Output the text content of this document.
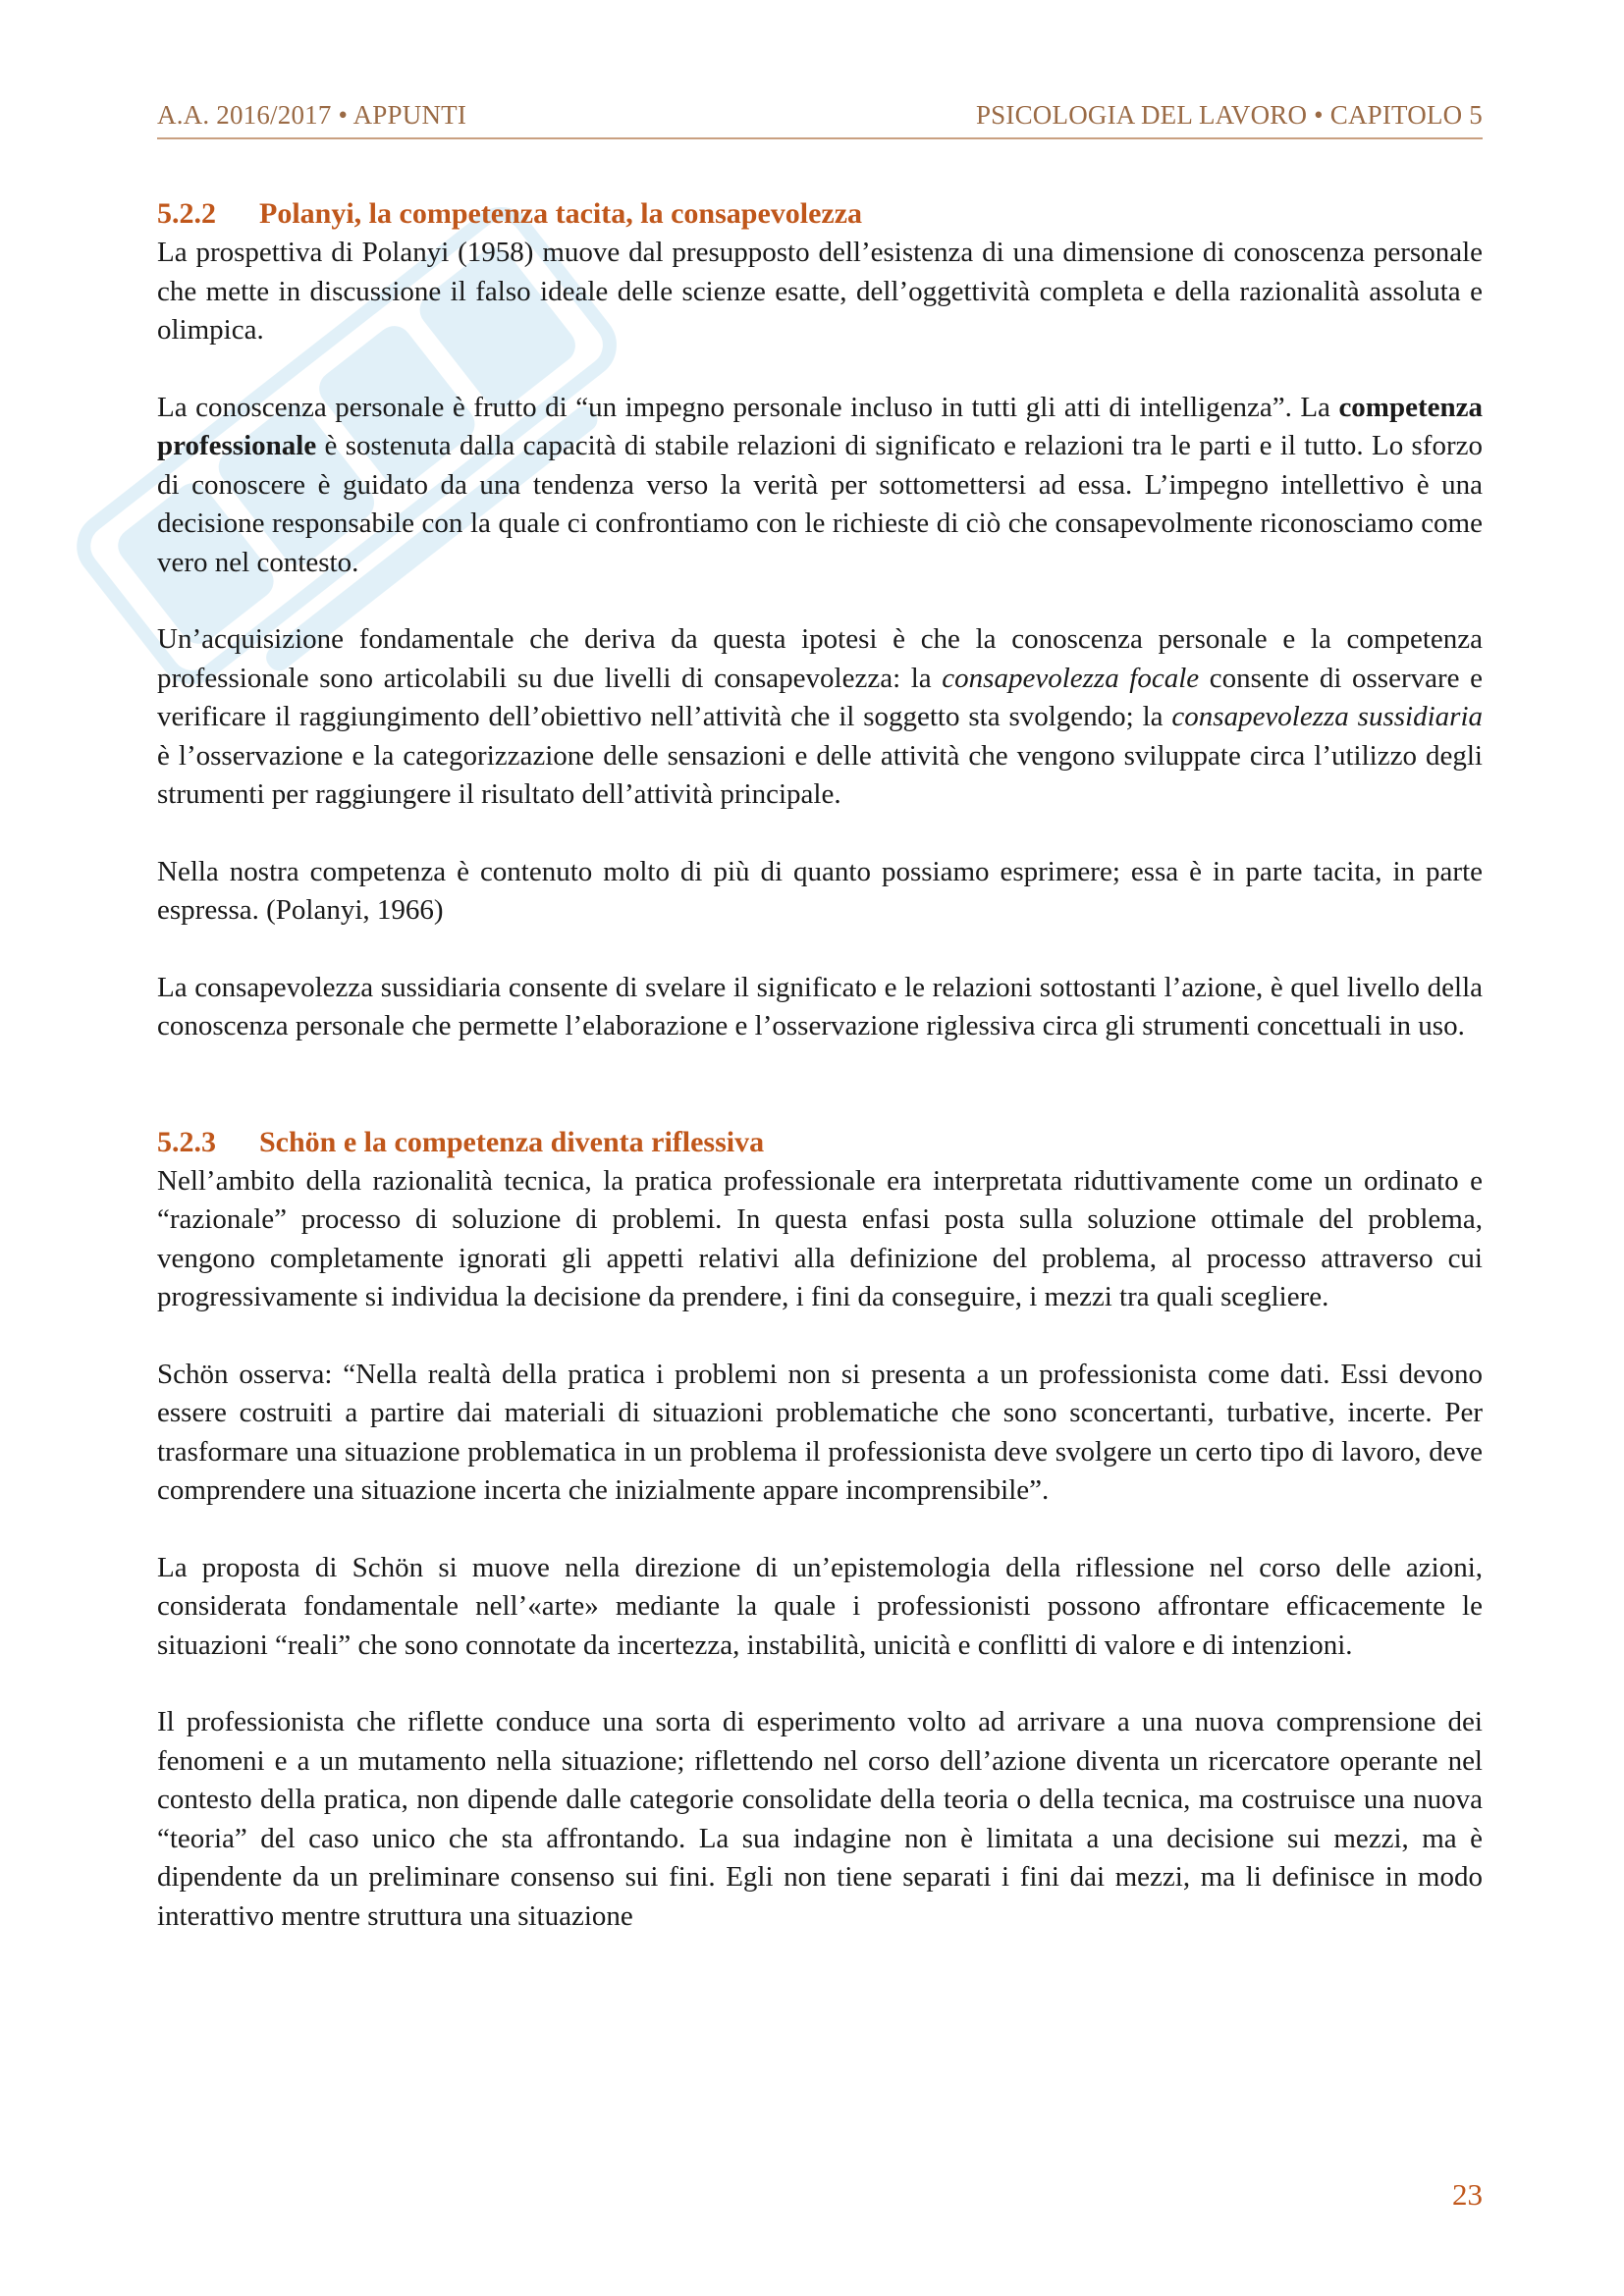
A.A. 2016/2017 • APPUNTI	PSICOLOGIA DEL LAVORO • CAPITOLO 5
5.2.2 Polanyi, la competenza tacita, la consapevolezza

La prospettiva di Polanyi (1958) muove dal presupposto dell’esistenza di una dimensione di conoscenza personale che mette in discussione il falso ideale delle scienze esatte, dell’oggettività completa e della razionalità assoluta e olimpica.

La conoscenza personale è frutto di “un impegno personale incluso in tutti gli atti di intelligenza”. La competenza professionale è sostenuta dalla capacità di stabile relazioni di significato e relazioni tra le parti e il tutto. Lo sforzo di conoscere è guidato da una tendenza verso la verità per sottomettersi ad essa. L’impegno intellettivo è una decisione responsabile con la quale ci confrontiamo con le richieste di ciò che consapevolmente riconosciamo come vero nel contesto.

Un’acquisizione fondamentale che deriva da questa ipotesi è che la conoscenza personale e la competenza professionale sono articolabili su due livelli di consapevolezza: la consapevolezza focale consente di osservare e verificare il raggiungimento dell’obiettivo nell’attività che il soggetto sta svolgendo; la consapevolezza sussidiaria è l’osservazione e la categorizzazione delle sensazioni e delle attività che vengono sviluppate circa l’utilizzo degli strumenti per raggiungere il risultato dell’attività principale.

Nella nostra competenza è contenuto molto di più di quanto possiamo esprimere; essa è in parte tacita, in parte espressa. (Polanyi, 1966)

La consapevolezza sussidiaria consente di svelare il significato e le relazioni sottostanti l’azione, è quel livello della conoscenza personale che permette l’elaborazione e l’osservazione riglessiva circa gli strumenti concettuali in uso.

5.2.3 Schön e la competenza diventa riflessiva

Nell’ambito della razionalità tecnica, la pratica professionale era interpretata riduttivamente come un ordinato e “razionale” processo di soluzione di problemi. In questa enfasi posta sulla soluzione ottimale del problema, vengono completamente ignorati gli appetti relativi alla definizione del problema, al processo attraverso cui progressivamente si individua la decisione da prendere, i fini da conseguire, i mezzi tra quali scegliere.

Schön osserva: “Nella realtà della pratica i problemi non si presenta a un professionista come dati. Essi devono essere costruiti a partire dai materiali di situazioni problematiche che sono sconcertanti, turbative, incerte. Per trasformare una situazione problematica in un problema il professionista deve svolgere un certo tipo di lavoro, deve comprendere una situazione incerta che inizialmente appare incomprensibile”.

La proposta di Schön si muove nella direzione di un’epistemologia della riflessione nel corso delle azioni, considerata fondamentale nell’«arte» mediante la quale i professionisti possono affrontare efficacemente le situazioni “reali” che sono connotate da incertezza, instabilità, unicità e conflitti di valore e di intenzioni.

Il professionista che riflette conduce una sorta di esperimento volto ad arrivare a una nuova comprensione dei fenomeni e a un mutamento nella situazione; riflettendo nel corso dell’azione diventa un ricercatore operante nel contesto della pratica, non dipende dalle categorie consolidate della teoria o della tecnica, ma costruisce una nuova “teoria” del caso unico che sta affrontando. La sua indagine non è limitata a una decisione sui mezzi, ma è dipendente da un preliminare consenso sui fini. Egli non tiene separati i fini dai mezzi, ma li definisce in modo interattivo mentre struttura una situazione

23
